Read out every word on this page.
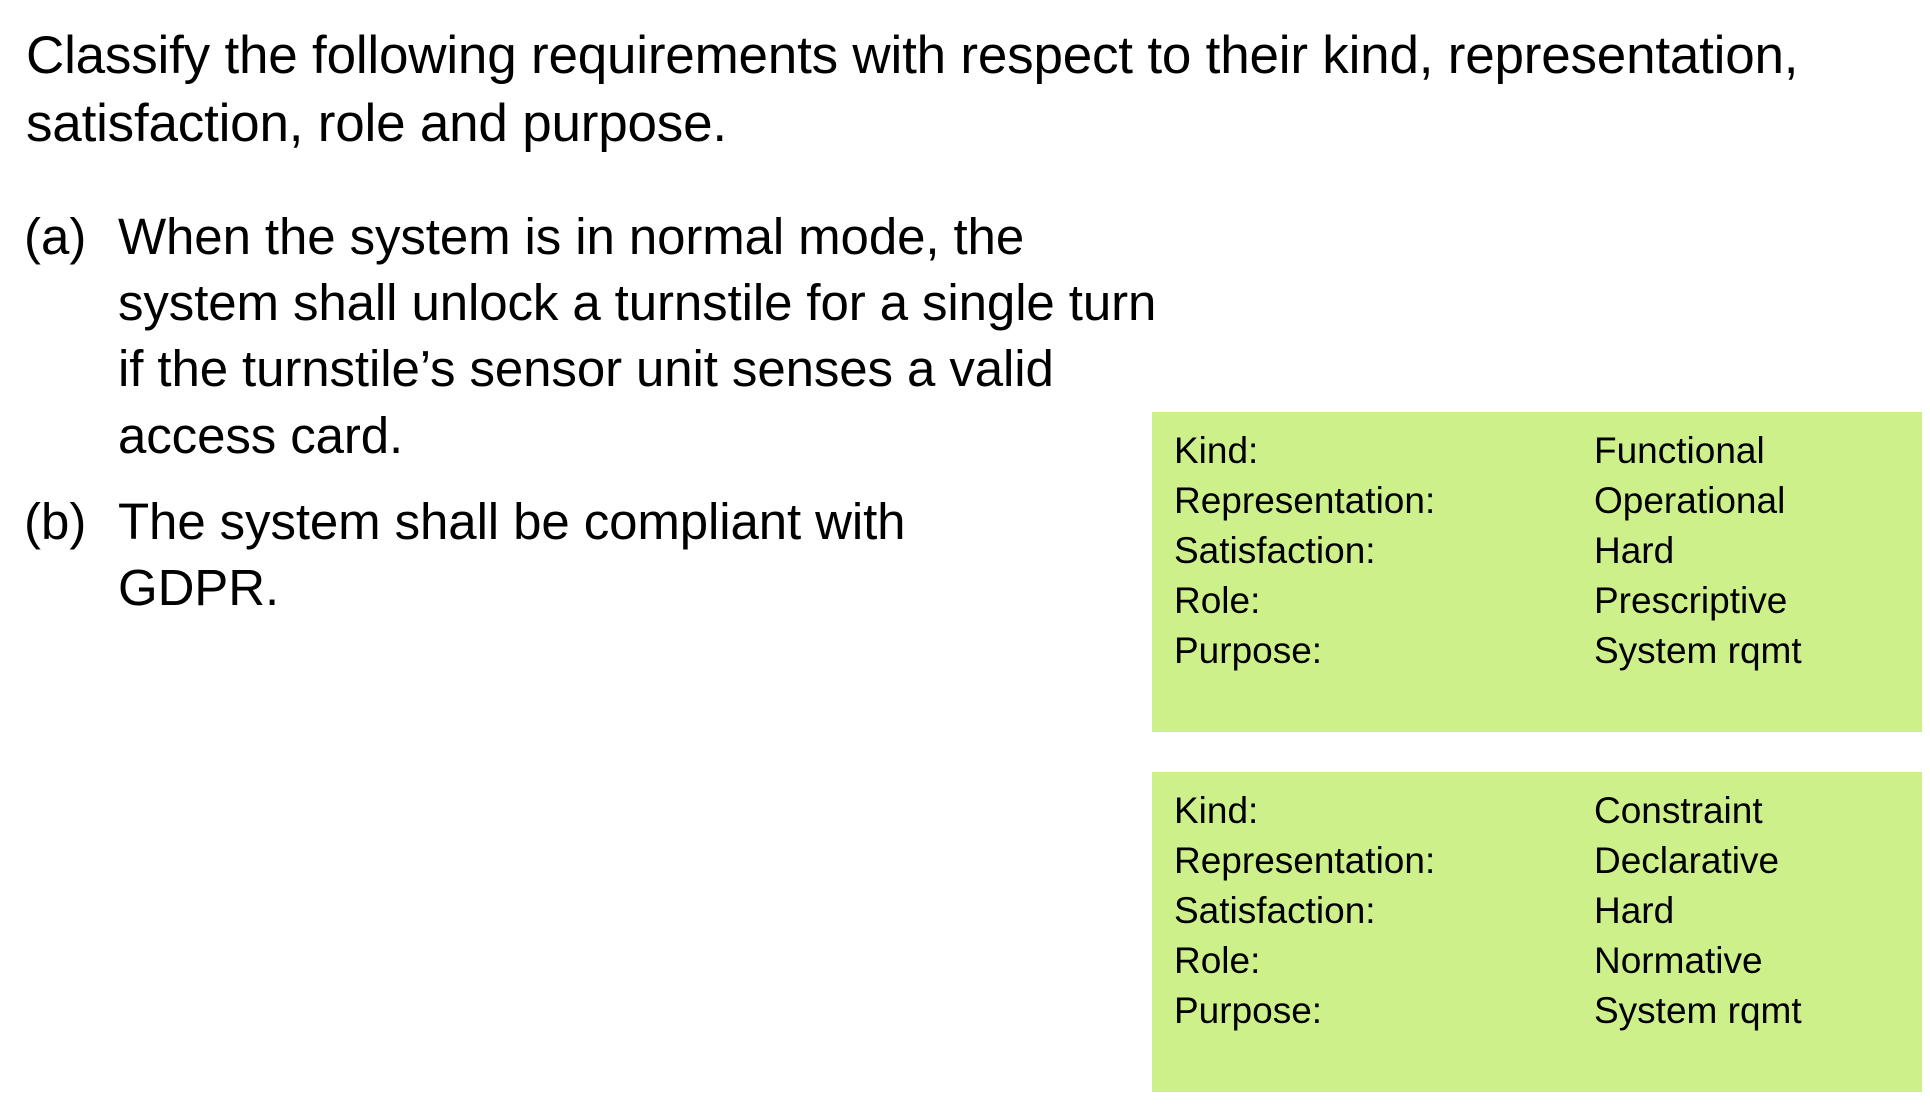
Classify the following requirements with respect to their kind, representation, satisfaction, role and purpose.
(a) When the system is in normal mode, the system shall unlock a turnstile for a single turn if the turnstile’s sensor unit senses a valid access card.
(b) The system shall be compliant with GDPR.
Kind:	Functional
Representation:	Operational
Satisfaction:	Hard
Role:	Prescriptive
Purpose:	System rqmt
Kind:	Constraint
Representation:	Declarative
Satisfaction:	Hard
Role:	Normative
Purpose:	System rqmt
